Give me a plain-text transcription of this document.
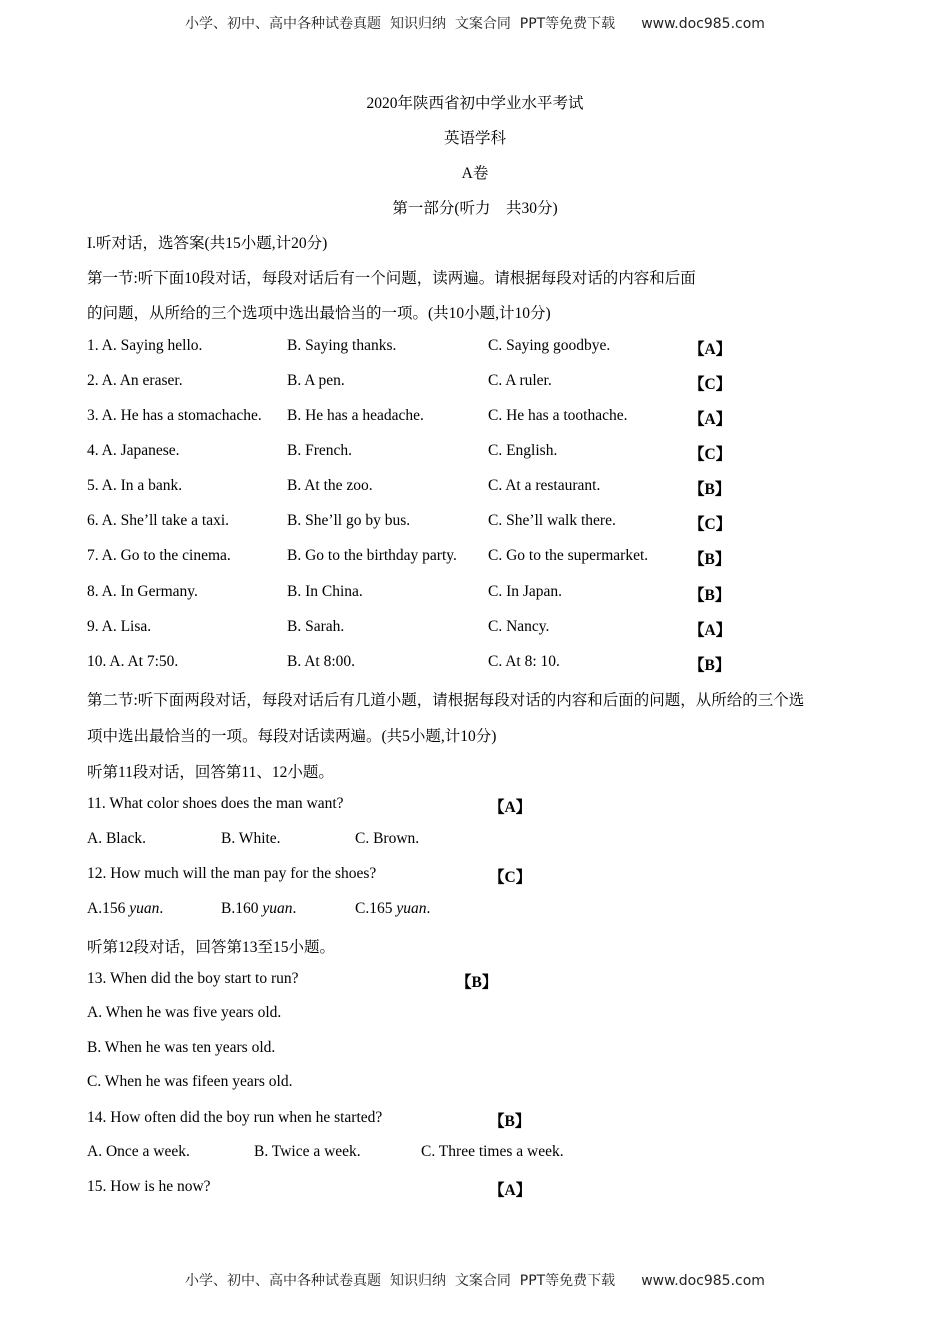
小学、初中、高中各种试卷真题  知识归纳  文案合同  PPT等免费下载 www.doc985.com
2020年陕西省初中学业水平考试
英语学科
A卷
第一部分(听力    共30分)
I.听对话，选答案(共15小题,计20分)
第一节:听下面10段对话，每段对话后有一个问题，读两遍。请根据每段对话的内容和后面
的问题，从所给的三个选项中选出最恰当的一项。(共10小题,计10分)
1. A. Saying hello.	B. Saying thanks.	C. Saying goodbye.	【A】
2. A. An eraser.	B. A pen.	C. A ruler.	【C】
3. A. He has a stomachache. B. He has a headache.	C. He has a toothache.	【A】
4. A. Japanese.	B. French.	C. English.	【C】
5. A. In a bank.	B. At the zoo.	C. At a restaurant.	【B】
6. A. She’ll take a taxi.	B. She’ll go by bus.	C. She’ll walk there.	【C】
7. A. Go to the cinema.	B. Go to the birthday party. C. Go to the supermarket.	【B】
8. A. In Germany.	B. In China.	C. In Japan.	【B】
9. A. Lisa.	B. Sarah.	C. Nancy.	【A】
10. A. At 7:50.	B. At 8:00.	C. At 8: 10.	【B】
第二节:听下面两段对话，每段对话后有几道小题，请根据每段对话的内容和后面的问题，从所给的三个选
项中选出最恰当的一项。每段对话读两遍。(共5小题,计10分)
听第11段对话，回答第11、12小题。
11. What color shoes does the man want?	【A】
A. Black.	B. White.	C. Brown.
12. How much will the man pay for the shoes?	【C】
A.156 yuan.	B.160 yuan.	C.165 yuan.
听第12段对话，回答第13至15小题。
13. When did the boy start to run?	【B】
A. When he was five years old.
B. When he was ten years old.
C. When he was fifeen years old.
14. How often did the boy run when he started?	【B】
A. Once a week.	B. Twice a week.	C. Three times a week.
15. How is he now?	【A】
小学、初中、高中各种试卷真题  知识归纳  文案合同  PPT等免费下载 www.doc985.com
